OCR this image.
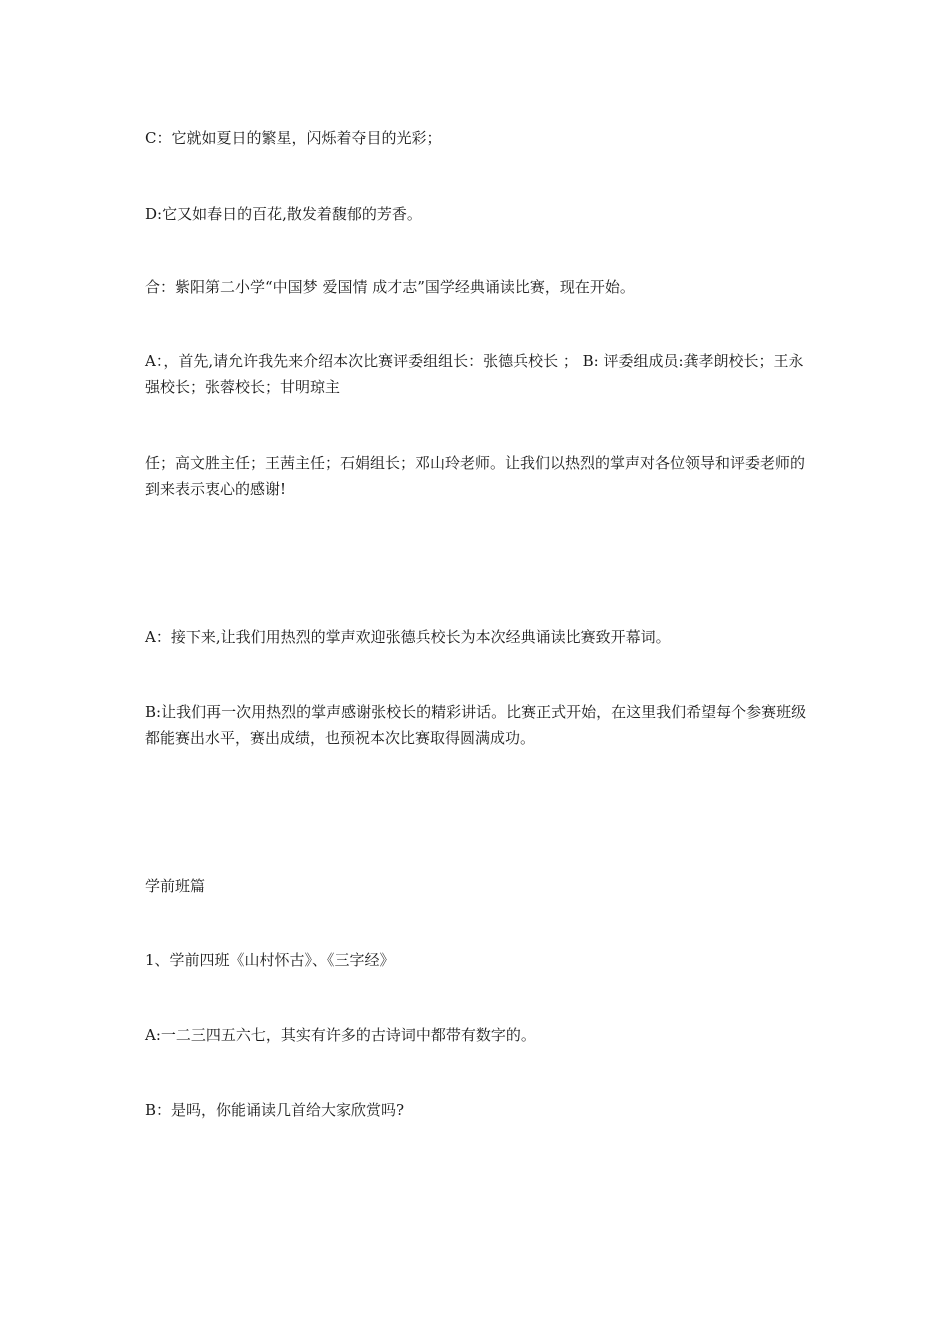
C：它就如夏日的繁星，闪烁着夺目的光彩；

D:它又如春日的百花,散发着馥郁的芳香。

合：紫阳第二小学“中国梦 爱国情 成才志”国学经典诵读比赛，现在开始。

A：，首先,请允许我先来介绍本次比赛评委组组长：张德兵校长 ； B: 评委组成员:龚孝朗校长；王永强校长；张蓉校长；甘明琼主

任；高文胜主任；王茜主任；石娟组长；邓山玲老师。让我们以热烈的掌声对各位领导和评委老师的到来表示衷心的感谢!

A：接下来,让我们用热烈的掌声欢迎张德兵校长为本次经典诵读比赛致开幕词。

B:让我们再一次用热烈的掌声感谢张校长的精彩讲话。比赛正式开始，在这里我们希望每个参赛班级都能赛出水平，赛出成绩，也预祝本次比赛取得圆满成功。

学前班篇

1、学前四班《山村怀古》、《三字经》

A:一二三四五六七，其实有许多的古诗词中都带有数字的。

B：是吗，你能诵读几首给大家欣赏吗?
